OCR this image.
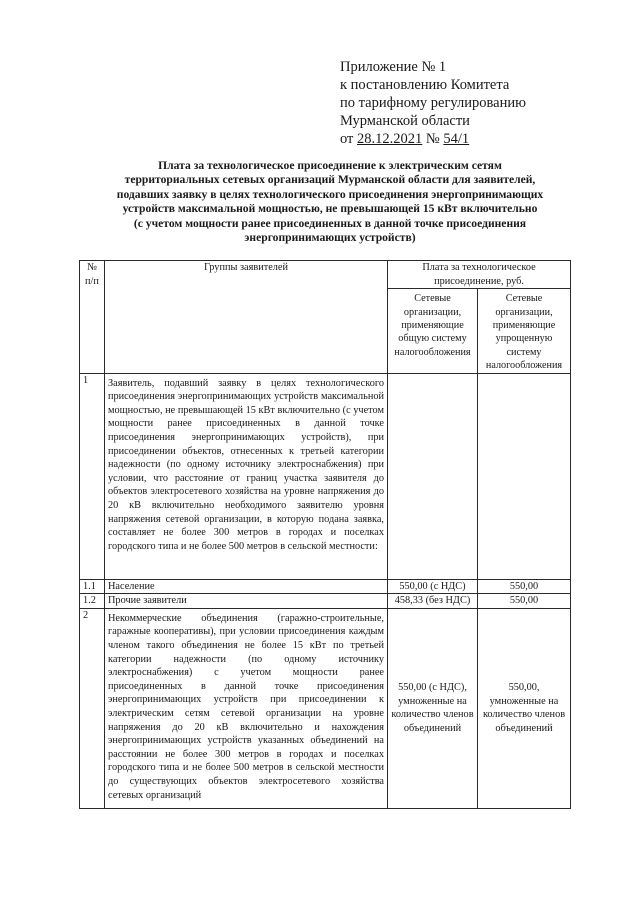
Приложение № 1
к постановлению Комитета
по тарифному регулированию
Мурманской области
от 28.12.2021 № 54/1
Плата за технологическое присоединение к электрическим сетям
территориальных сетевых организаций Мурманской области для заявителей,
подавших заявку в целях технологического присоединения энергопринимающих
устройств максимальной мощностью, не превышающей 15 кВт включительно
(с учетом мощности ранее присоединенных в данной точке присоединения
энергопринимающих устройств)
№ п/п	Группы заявителей	Плата за технологическое присоединение, руб.	
		Сетевые организации, применяющие общую систему налогообложения	Сетевые организации, применяющие упрощенную систему налогообложения
1	Заявитель, подавший заявку в целях технологического присоединения энергопринимающих устройств максимальной мощностью, не превышающей 15 кВт включительно (с учетом мощности ранее присоединенных в данной точке присоединения энергопринимающих устройств), при присоединении объектов, отнесенных к третьей категории надежности (по одному источнику электроснабжения) при условии, что расстояние от границ участка заявителя до объектов электросетевого хозяйства на уровне напряжения до 20 кВ включительно необходимого заявителю уровня напряжения сетевой организации, в которую подана заявка, составляет не более 300 метров в городах и поселках городского типа и не более 500 метров в сельской местности:		
1.1	Население	550,00 (с НДС)	550,00
1.2	Прочие заявители	458,33 (без НДС)	550,00
2	Некоммерческие объединения (гаражно-строительные, гаражные кооперативы), при условии присоединения каждым членом такого объединения не более 15 кВт по третьей категории надежности (по одному источнику электроснабжения) с учетом мощности ранее присоединенных в данной точке присоединения энергопринимающих устройств при присоединении к электрическим сетям сетевой организации на уровне напряжения до 20 кВ включительно и нахождения энергопринимающих устройств указанных объединений на расстоянии не более 300 метров в городах и поселках городского типа и не более 500 метров в сельской местности до существующих объектов электросетевого хозяйства сетевых организаций	550,00 (с НДС), умноженные на количество членов объединений	550,00, умноженные на количество членов объединений
